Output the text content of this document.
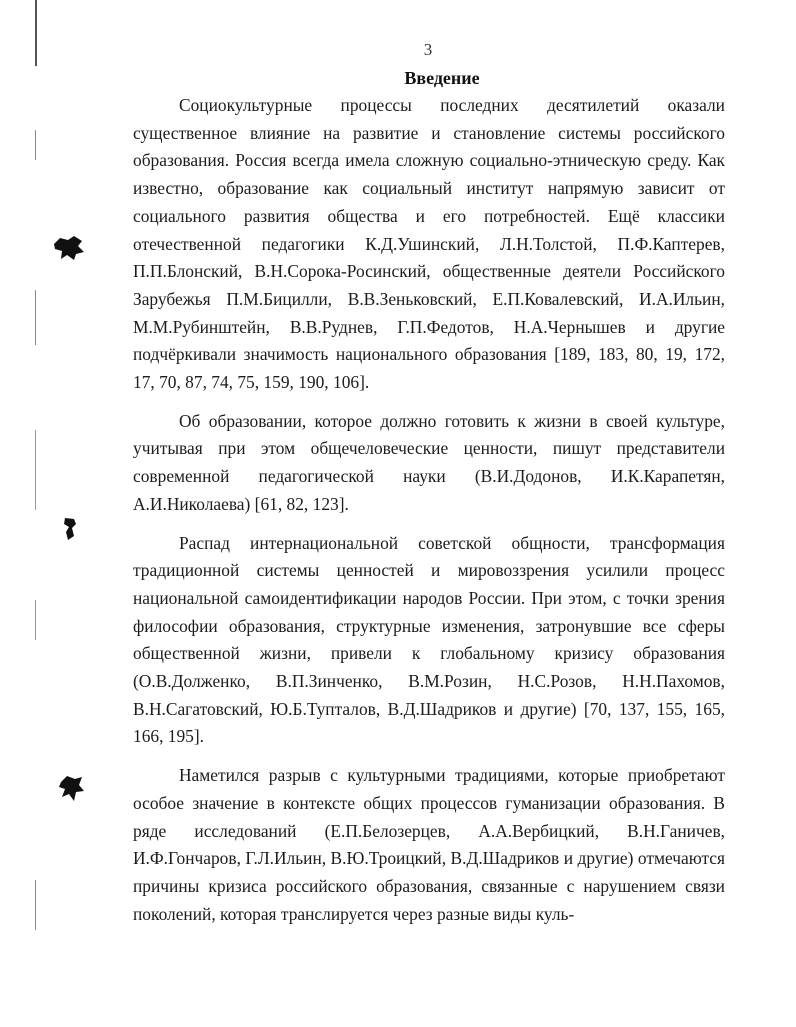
3
Введение

Социокультурные процессы последних десятилетий оказали существенное влияние на развитие и становление системы российского образования. Россия всегда имела сложную социально-этническую среду. Как известно, образование как социальный институт напрямую зависит от социального развития общества и его потребностей. Ещё классики отечественной педагогики К.Д.Ушинский, Л.Н.Толстой, П.Ф.Каптерев, П.П.Блонский, В.Н.Сорока-Росинский, общественные деятели Российского Зарубежья П.М.Бицилли, В.В.Зеньковский, Е.П.Ковалевский, И.А.Ильин, М.М.Рубинштейн, В.В.Руднев, Г.П.Федотов, Н.А.Чернышев и другие подчёркивали значимость национального образования [189, 183, 80, 19, 172, 17, 70, 87, 74, 75, 159, 190, 106].

Об образовании, которое должно готовить к жизни в своей культуре, учитывая при этом общечеловеческие ценности, пишут представители современной педагогической науки (В.И.Додонов, И.К.Карапетян, А.И.Николаева) [61, 82, 123].

Распад интернациональной советской общности, трансформация традиционной системы ценностей и мировоззрения усилили процесс национальной самоидентификации народов России. При этом, с точки зрения философии образования, структурные изменения, затронувшие все сферы общественной жизни, привели к глобальному кризису образования (О.В.Долженко, В.П.Зинченко, В.М.Розин, Н.С.Розов, Н.Н.Пахомов, В.Н.Сагатовский, Ю.Б.Тупталов, В.Д.Шадриков и другие) [70, 137, 155, 165, 166, 195].

Наметился разрыв с культурными традициями, которые приобретают особое значение в контексте общих процессов гуманизации образования. В ряде исследований (Е.П.Белозерцев, А.А.Вербицкий, В.Н.Ганичев, И.Ф.Гончаров, Г.Л.Ильин, В.Ю.Троицкий, В.Д.Шадриков и другие) отмечаются причины кризиса российского образования, связанные с нарушением связи поколений, которая транслируется через разные виды куль-
